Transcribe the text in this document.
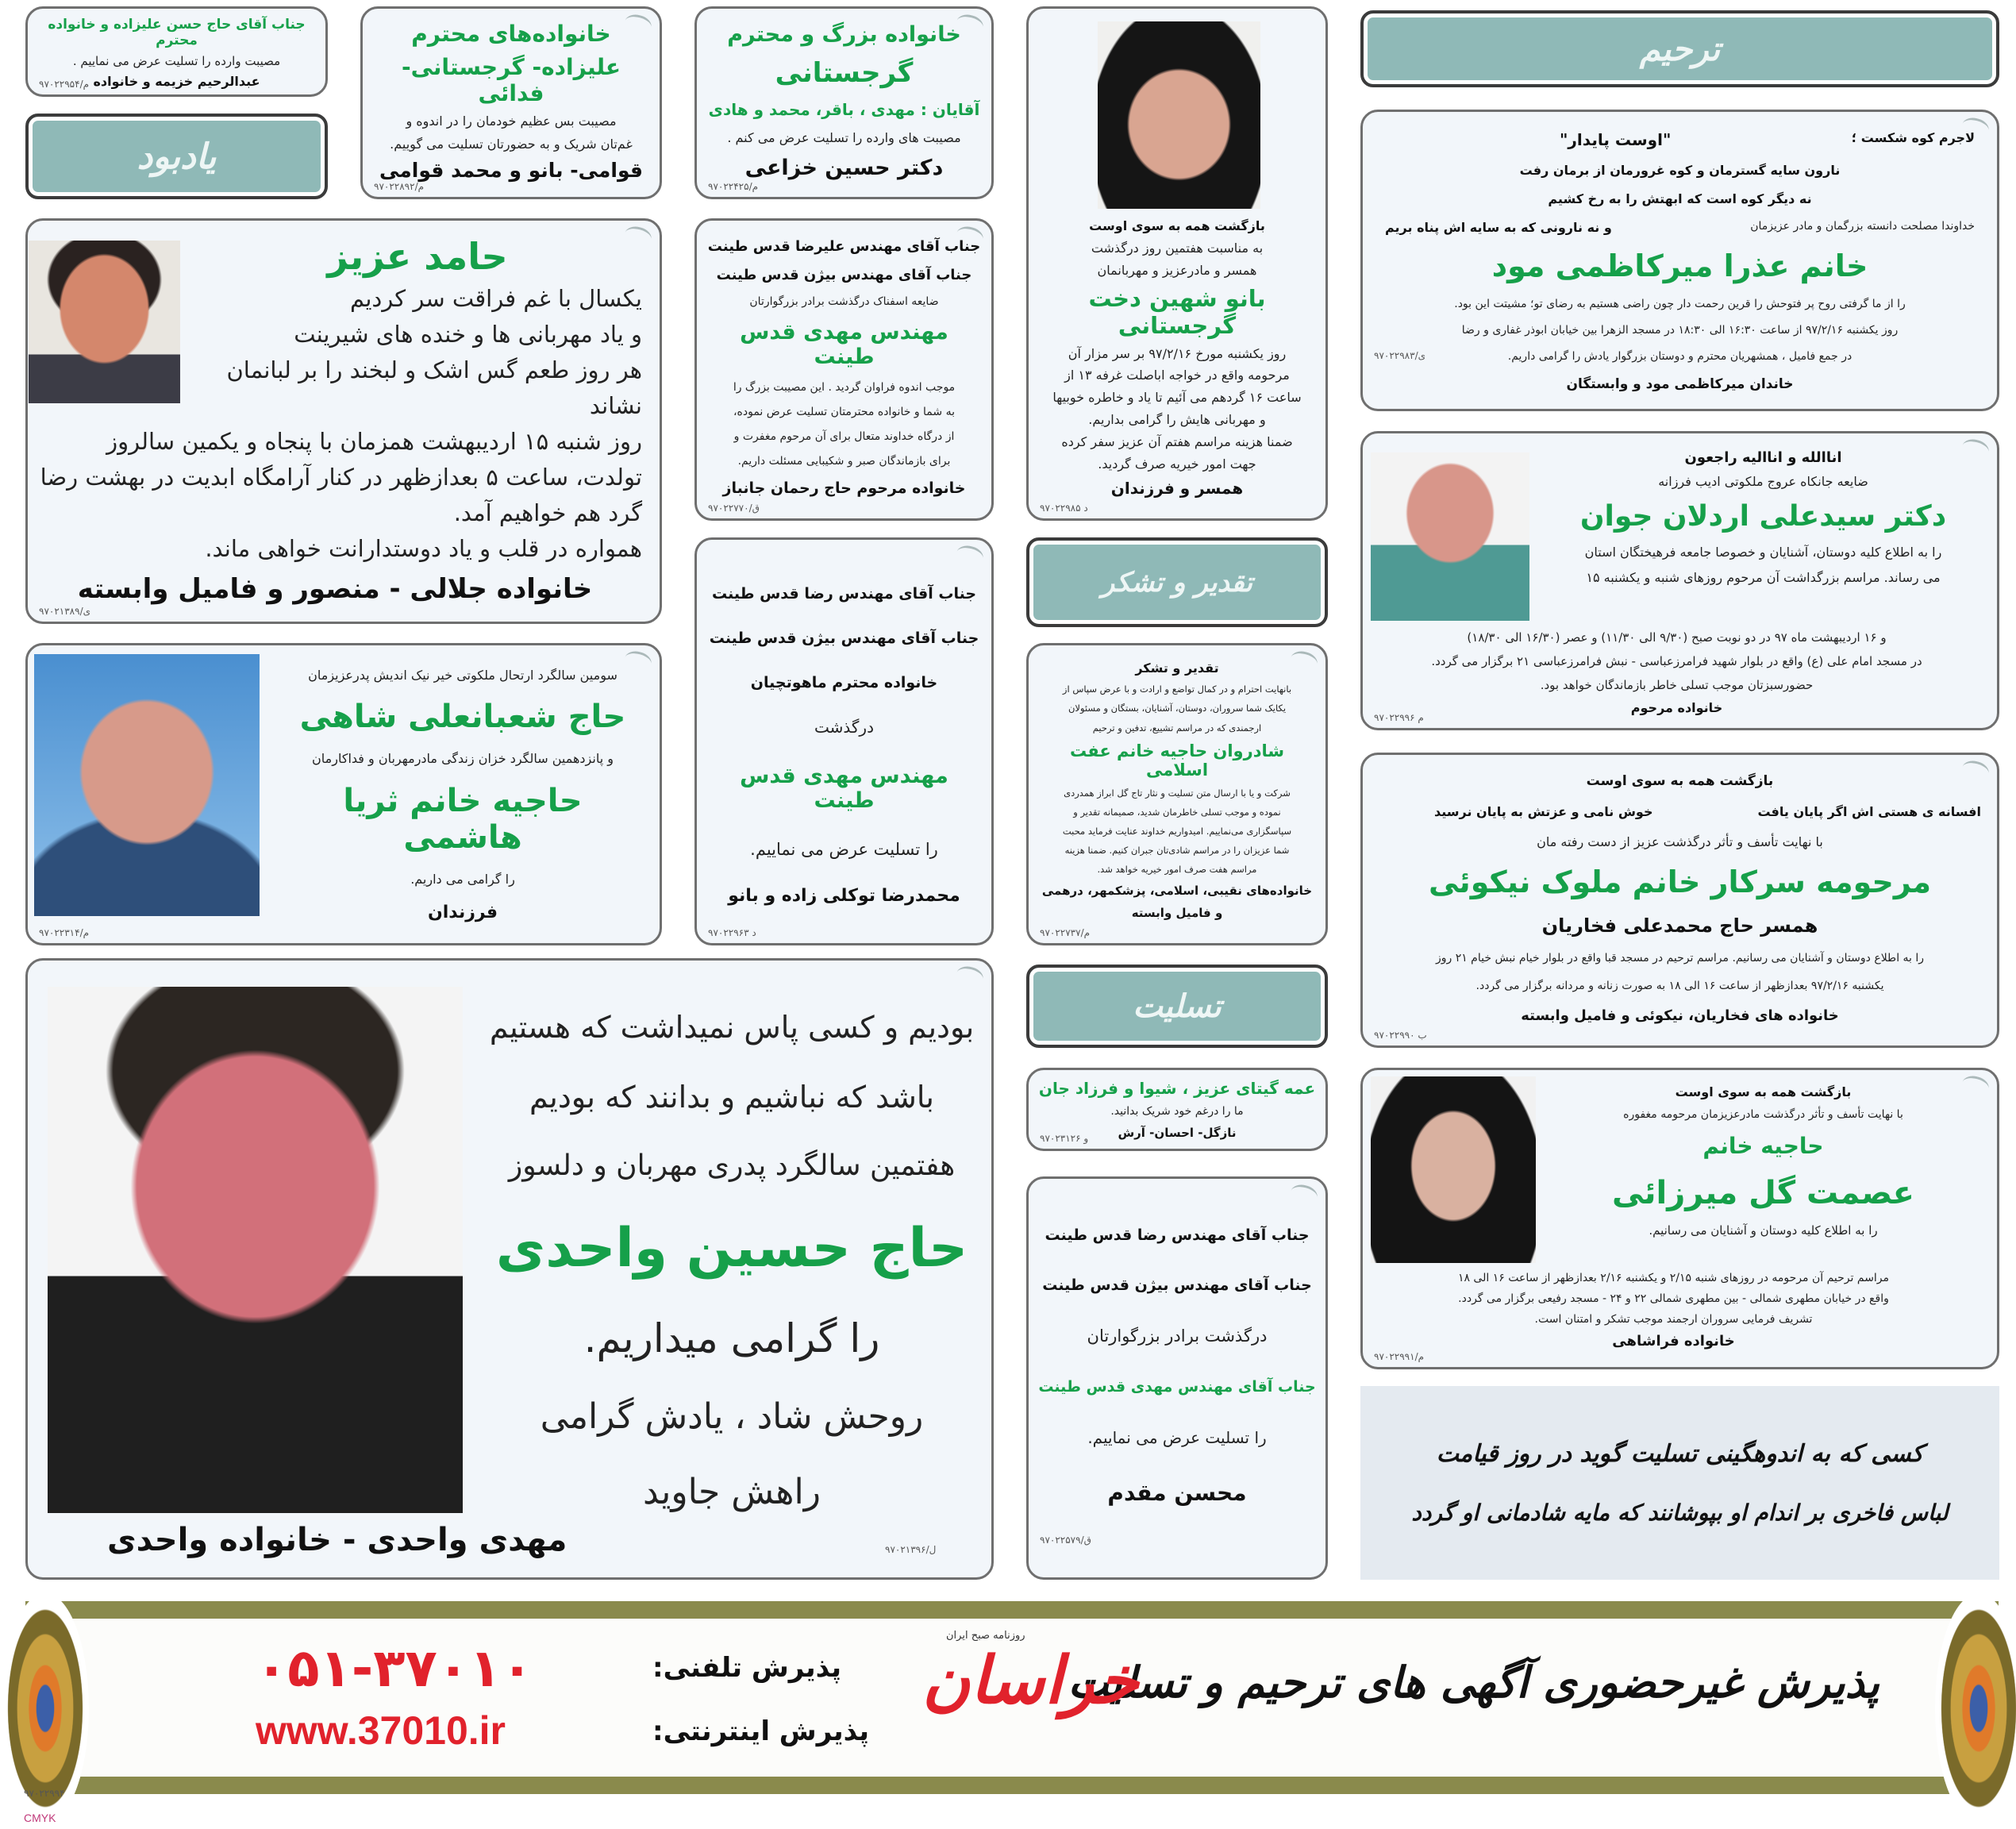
جناب آقای حاج حسن علیزاده و خانواده محترم
مصیبت وارده را تسلیت عرض می نماییم .
عبدالرحیم خزیمه و خانواده
۹۷۰۲۲۹۵۴/م
یادبود
خانواده‌های محترم
علیزاده- گرجستانی- فدائی
مصیبت بس عظیم خودمان را در اندوه و
غم‌تان شریک و به حضورتان تسلیت می گوییم.
قوامی- بانو و محمد قوامی
۹۷۰۲۲۸۹۲/م
خانواده بزرگ و محترم
گرجستانی
آقایان : مهدی ، باقر، محمد و هادی
مصیبت های وارده را تسلیت عرض می کنم .
دکتر حسین خزاعی
۹۷۰۲۲۴۲۵/م
بازگشت همه به سوی اوست
به مناسبت هفتمین روز درگذشت
همسر و مادرعزیز و مهربانمان
بانو شهین دخت گرجستانی
روز یکشنبه مورخ ۹۷/۲/۱۶ بر سر مزار آن
مرحومه واقع در خواجه اباصلت غرفه ۱۳ از
ساعت ۱۶ گردهم می آئیم تا یاد و خاطره خوبیها
و مهربانی هایش را گرامی بداریم.
ضمنا هزینه مراسم هفتم آن عزیز سفر کرده
جهت امور خیریه صرف گردید.
همسر و فرزندان
۹۷۰۲۲۹۸۵ د
ترحیم
لاجرم کوه شکست ؛
"اوست پایدار"
نارون سایه گسترمان و کوه غرورمان از برمان رفت
نه دیگر کوه است که ابهتش را به رخ کشیم
خداوندا مصلحت دانسته بزرگمان و مادر عزیزمان
و نه نارونی که به سایه اش پناه بریم
خانم عذرا میرکاظمی مود
را از ما گرفتی روح پر فتوحش را قرین رحمت دار چون راضی هستیم به رضای تو؛ مشیتت این بود.
روز یکشنبه ۹۷/۲/۱۶ از ساعت ۱۶:۳۰ الی ۱۸:۳۰ در مسجد الزهرا بین خیابان ابوذر غفاری و رضا
در جمع فامیل ، همشهریان محترم و دوستان بزرگوار یادش را گرامی داریم.
خاندان میرکاظمی مود و وابستگان
۹۷۰۲۲۹۸۳/ی
حامد عزیز
یکسال با غم فراقت سر کردیم
و یاد مهربانی ها و خنده های شیرینت
هر روز طعم گس اشک و لبخند را بر لبانمان نشاند
روز شنبه ۱۵ اردیبهشت همزمان با پنجاه و یکمین سالروز
تولدت، ساعت ۵ بعدازظهر در کنار آرامگاه ابدیت در بهشت رضا
گرد هم خواهیم آمد.
همواره در قلب و یاد دوستدارانت خواهی ماند.
خانواده جلالی - منصور و فامیل وابسته
۹۷۰۲۱۳۸۹/ی
جناب آقای مهندس علیرضا قدس طینت
جناب آقای مهندس بیژن قدس طینت
ضایعه اسفناک درگذشت برادر بزرگوارتان
مهندس مهدی قدس طینت
موجب اندوه فراوان گردید . این مصیبت بزرگ را
به شما و خانواده محترمتان تسلیت عرض نموده،
از درگاه خداوند متعال برای آن مرحوم مغفرت و
برای بازماندگان صبر و شکیبایی مسئلت داریم.
خانواده مرحوم حاج رحمان جانباز
۹۷۰۲۲۷۷۰/ق
اناالله و اناالیه راجعون
ضایعه جانکاه عروج ملکوتی ادیب فرزانه
دکتر سیدعلی اردلان جوان
را به اطلاع کلیه دوستان، آشنایان و خصوصا جامعه فرهیختگان استان
می رساند. مراسم بزرگداشت آن مرحوم روزهای شنبه و یکشنبه ۱۵
و ۱۶ اردیبهشت ماه ۹۷ در دو نوبت صبح (۹/۳۰ الی ۱۱/۳۰) و عصر (۱۶/۳۰ الی ۱۸/۳۰)
در مسجد امام علی (ع) واقع در بلوار شهید فرامرزعباسی - نبش فرامرزعباسی ۲۱ برگزار می گردد.
حضورسبزتان موجب تسلی خاطر بازماندگان خواهد بود.
خانواده مرحوم
۹۷۰۲۲۹۹۶ م
جناب آقای مهندس رضا قدس طینت
جناب آقای مهندس بیژن قدس طینت
خانواده محترم ماهوتچیان
درگذشت
مهندس مهدی قدس طینت
را تسلیت عرض می نماییم.
محمدرضا توکلی زاده و بانو
۹۷۰۲۲۹۶۳ د
تقدیر و تشکر
تقدیر و تشکر
بانهایت احترام و در کمال تواضع و ارادت و با عرض سپاس از
یکایک شما سروران، دوستان، آشنایان، بستگان و مسئولان
ارجمندی که در مراسم تشییع، تدفین و ترحیم
شادروان حاجیه خانم عفت اسلامی
شرکت و یا با ارسال متن تسلیت و نثار تاج گل ابراز همدردی
نموده و موجب تسلی خاطرمان شدید، صمیمانه تقدیر و
سپاسگزاری می‌نماییم. امیدواریم خداوند عنایت فرماید محبت
شما عزیزان را در مراسم شادی‌تان جبران کنیم. ضمنا هزینه
مراسم هفت صرف امور خیریه خواهد شد.
خانواده‌های نقیبی، اسلامی، پزشکمهر، درهمی
و فامیل وابسته
۹۷۰۲۲۷۳۷/م
سومین سالگرد ارتحال ملکوتی خیر نیک اندیش پدرعزیزمان
حاج شعبانعلی شاهی
و پانزدهمین سالگرد خزان زندگی مادرمهربان و فداکارمان
حاجیه خانم ثریا هاشمی
را گرامی می داریم.
فرزندان
۹۷۰۲۲۳۱۴/م
بازگشت همه به سوی اوست
افسانه ی هستی اش اگر پایان یافت
خوش نامی و عزتش به پایان نرسید
با نهایت تأسف و تأثر درگذشت عزیز از دست رفته مان
مرحومه سرکار خانم ملوک نیکوئی
همسر حاج محمدعلی فخاریان
را به اطلاع دوستان و آشنایان می رسانیم. مراسم ترحیم در مسجد قبا واقع در بلوار خیام نبش خیام ۲۱ روز
یکشنبه ۹۷/۲/۱۶ بعدازظهر از ساعت ۱۶ الی ۱۸ به صورت زنانه و مردانه برگزار می گردد.
خانواده های فخاریان، نیکوئی و فامیل وابسته
۹۷۰۲۲۹۹۰ ب
بودیم و کسی پاس نمیداشت که هستیم
باشد که نباشیم و بدانند که بودیم
هفتمین سالگرد پدری مهربان و دلسوز
حاج حسین واحدی
را گرامی میداریم.
روحش شاد ، یادش گرامی
راهش جاوید
مهدی واحدی - خانواده واحدی	۹۷۰۲۱۳۹۶/ل
تسلیت
عمه گیتای عزیز ، شیوا و فرزاد جان
ما را درغم خود شریک بدانید.
نازگل- احسان- آرش
۹۷۰۲۳۱۲۶ و
جناب آقای مهندس رضا قدس طینت
جناب آقای مهندس بیژن قدس طینت
درگذشت برادر بزرگوارتان
جناب آقای مهندس مهدی قدس طینت
را تسلیت عرض می نماییم.
محسن مقدم
۹۷۰۲۲۵۷۹/ق
بازگشت همه به سوی اوست
با نهایت تأسف و تأثر درگذشت مادرعزیزمان مرحومه مغفوره
حاجیه خانم
عصمت گل میرزائی
را به اطلاع کلیه دوستان و آشنایان می رسانیم.
مراسم ترحیم آن مرحومه در روزهای شنبه ۲/۱۵ و یکشنبه ۲/۱۶ بعدازظهر از ساعت ۱۶ الی ۱۸
واقع در خیابان مطهری شمالی - بین مطهری شمالی ۲۲ و ۲۴ - مسجد رفیعی برگزار می گردد.
تشریف فرمایی سروران ارجمند موجب تشکر و امتنان است.
خانواده فراشاهی
۹۷۰۲۲۹۹۱/م
کسی که به اندوهگینی تسلیت گوید در روز قیامت
لباس فاخری بر اندام او بپوشانند که مایه شادمانی او گردد
پذیرش غیرحضوری آگهی های ترحیم و تسلیت
خراسان
روزنامه صبح ایران
پذیرش تلفنی:
پذیرش اینترنتی:
۰۵۱-۳۷۰۱۰
www.37010.ir
۹۷۰۲۲۹۹۴
CMYK
